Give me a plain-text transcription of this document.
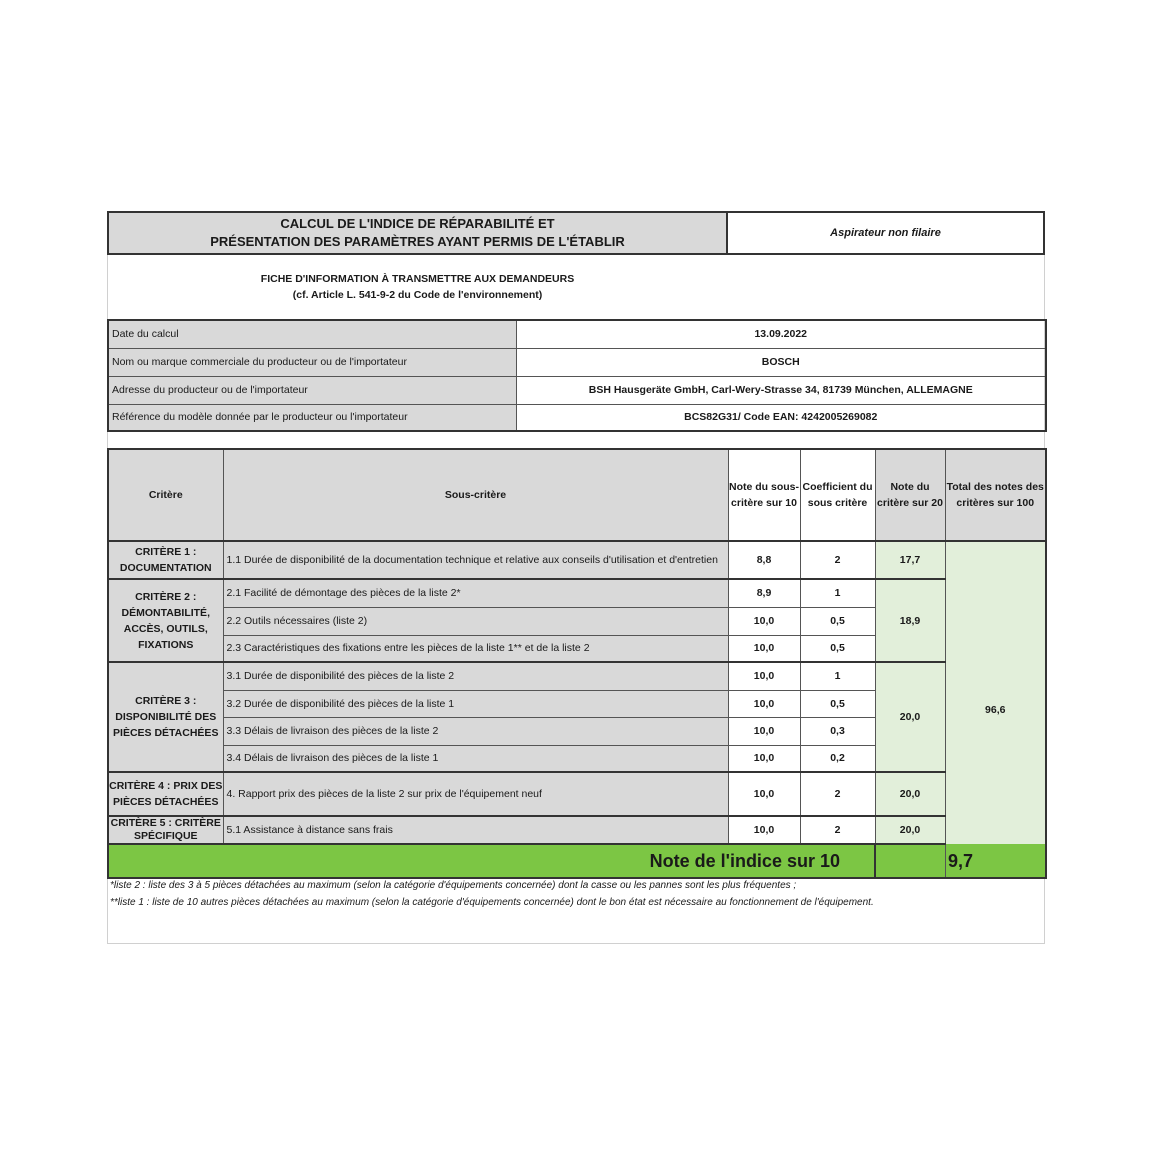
CALCUL DE L'INDICE DE RÉPARABILITÉ ET
PRÉSENTATION DES PARAMÈTRES AYANT PERMIS DE L'ÉTABLIR
Aspirateur non filaire
FICHE D'INFORMATION À TRANSMETTRE AUX DEMANDEURS
(cf. Article L. 541-9-2 du Code de l'environnement)
Date du calcul	13.09.2022
Nom ou marque commerciale du producteur ou de l'importateur	BOSCH
Adresse du producteur ou de l'importateur	BSH Hausgeräte GmbH, Carl-Wery-Strasse 34, 81739 München, ALLEMAGNE
Référence du modèle donnée par le producteur ou l'importateur	BCS82G31/ Code EAN: 4242005269082
Critère	Sous-critère	Note du sous-critère sur 10	Coefficient du sous critère	Note du critère sur 20	Total des notes des critères sur 100
CRITÈRE 1 : DOCUMENTATION	1.1 Durée de disponibilité de la documentation technique et relative aux conseils d'utilisation et d'entretien	8,8	2	17,7	96,6
CRITÈRE 2 : DÉMONTABILITÉ, ACCÈS, OUTILS, FIXATIONS	2.1 Facilité de démontage des pièces de la liste 2*	8,9	1	18,9	
	2.2 Outils nécessaires (liste 2)	10,0	0,5		
	2.3 Caractéristiques des fixations entre les pièces de la liste 1** et de la liste 2	10,0	0,5		
CRITÈRE 3 : DISPONIBILITÉ DES PIÈCES DÉTACHÉES	3.1 Durée de disponibilité des pièces de la liste 2	10,0	1	20,0	
	3.2 Durée de disponibilité des pièces de la liste 1	10,0	0,5		
	3.3 Délais de livraison des pièces de la liste 2	10,0	0,3		
	3.4 Délais de livraison des pièces de la liste 1	10,0	0,2		
CRITÈRE 4 : PRIX DES PIÈCES DÉTACHÉES	4. Rapport prix des pièces de la liste 2 sur prix de l'équipement neuf	10,0	2	20,0	
CRITÈRE 5 : CRITÈRE SPÉCIFIQUE	5.1 Assistance à distance sans frais	10,0	2	20,0	
Note de l'indice sur 10				9,7	
*liste 2 : liste des 3 à 5 pièces détachées au maximum (selon la catégorie d'équipements concernée) dont la casse ou les pannes sont les plus fréquentes ;
**liste 1 : liste de 10 autres pièces détachées au maximum (selon la catégorie d'équipements concernée) dont le bon état est nécessaire au fonctionnement de l'équipement.
